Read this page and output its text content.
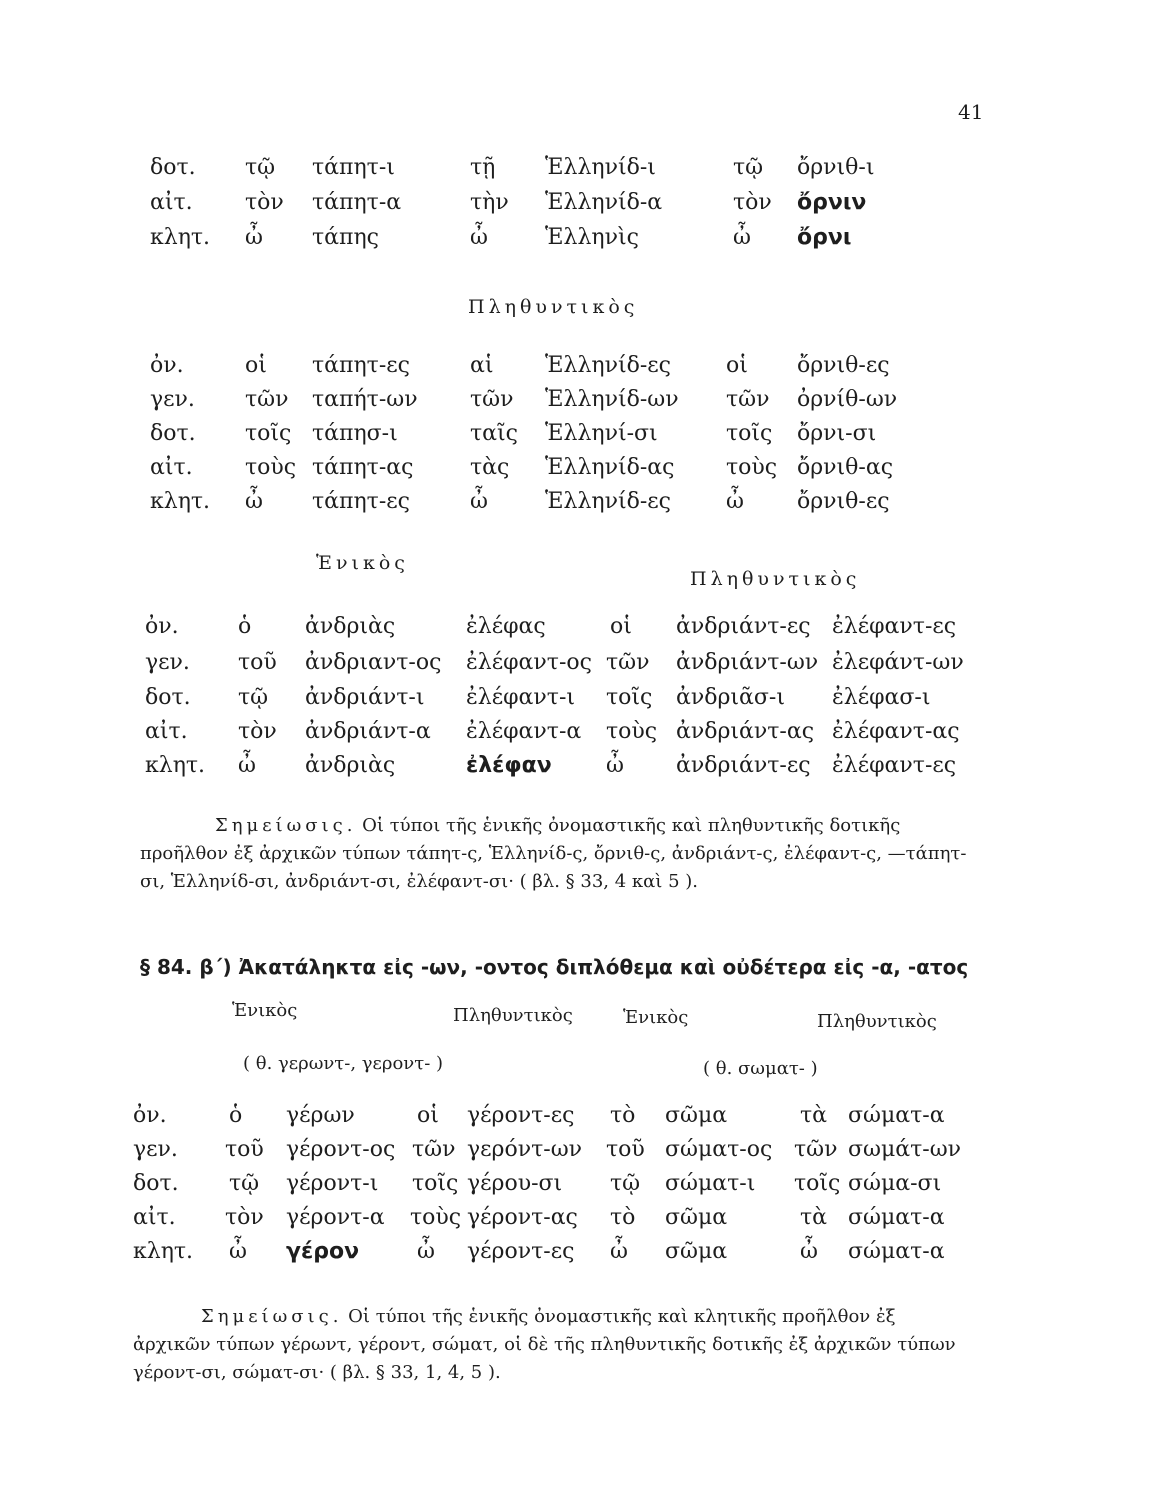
41
δοτ. τῷ τάπητ-ι	τῇ Ἑλληνίδ-ι	τῷ ὄρνιθ-ι
αἰτ. τὸν τάπητ-α	τὴν Ἑλληνίδ-α	τὸν ὄρνιν
κλητ. ὦ τάπης	ὦ	Ἑλληνὶς	ὦ ὄρνι
Πληθυντικὸς
ὀν.	οἱ τάπητ-ες	αἱ Ἑλληνίδ-ες	οἱ ὄρνιθ-ες
γεν. τῶν ταπήτ-ων τῶν Ἑλληνίδ-ων τῶν ὀρνίθ-ων
δοτ. τοῖς τάπησ-ι	ταῖς Ἑλληνί-σι	τοῖς ὄρνι-σι
αἰτ. τοὺς τάπητ-ας	τὰς Ἑλληνίδ-ας τοὺς ὄρνιθ-ας
κλητ. ὦ τάπητ-ες	ὦ	Ἑλληνίδ-ες	ὦ ὄρνιθ-ες
Ἑνικὸς
Πληθυντικὸς
ὀν.	ὁ ἀνδριὰς	ἐλέφας	οἱ ἀνδριάντ-ες ἐλέφαντ-ες
γεν. τοῦ ἀνδριαντ-ος ἐλέφαντ-ος τῶν ἀνδριάντ-ων ἐλεφάντ-ων
δοτ. τῷ ἀνδριάντ-ι ἐλέφαντ-ι τοῖς ἀνδριᾶσ-ι ἐλέφασ-ι
αἰτ. τὸν ἀνδριάντ-α ἐλέφαντ-α τοὺς ἀνδριάντ-ας ἐλέφαντ-ας
κλητ. ὦ ἀνδριὰς	ἐλέφαν ὦ ἀνδριάντ-ες ἐλέφαντ-ες
Σημείωσις. Οἱ τύποι τῆς ἑνικῆς ὀνομαστικῆς καὶ πληθυντικῆς δοτικῆς προῆλθον ἐξ ἀρχικῶν τύπων τάπητ-ς, Ἑλληνίδ-ς, ὄρνιθ-ς, ἀνδριάντ-ς, ἐλέφαντ-ς, —τάπητ-σι, Ἑλληνίδ-σι, ἀνδριάντ-σι, ἐλέφαντ-σι· ( βλ. § 33, 4 καὶ 5 ).
§ 84. β΄) Ἀκατάληκτα εἰς -ων, -οντος διπλόθεμα καὶ οὐδέτερα εἰς -α, -ατος
Ἑνικὸς	Πληθυντικὸς	Ἑνικὸς	Πληθυντικὸς
( θ. γερωντ-, γεροντ- )	( θ. σωματ- )
ὀν.	ὁ γέρων	οἱ γέροντ-ες τὸ σῶμα	τὰ σώματ-α
γεν. τοῦ γέροντ-ος τῶν γερόντ-ων τοῦ σώματ-ος τῶν σωμάτ-ων
δοτ. τῷ γέροντ-ι τοῖς γέρου-σι τῷ σώματ-ι τοῖς σώμα-σι
αἰτ. τὸν γέροντ-α τοὺς γέροντ-ας τὸ σῶμα	τὰ σώματ-α
κλητ. ὦ γέρον	ὦ γέροντ-ες ὦ σῶμα	ὦ σώματ-α
Σημείωσις. Οἱ τύποι τῆς ἑνικῆς ὀνομαστικῆς καὶ κλητικῆς προῆλθον ἐξ ἀρχικῶν τύπων γέρωντ, γέροντ, σώματ, οἱ δὲ τῆς πληθυντικῆς δοτικῆς ἐξ ἀρχικῶν τύπων γέροντ-σι, σώματ-σι· ( βλ. § 33, 1, 4, 5 ).
